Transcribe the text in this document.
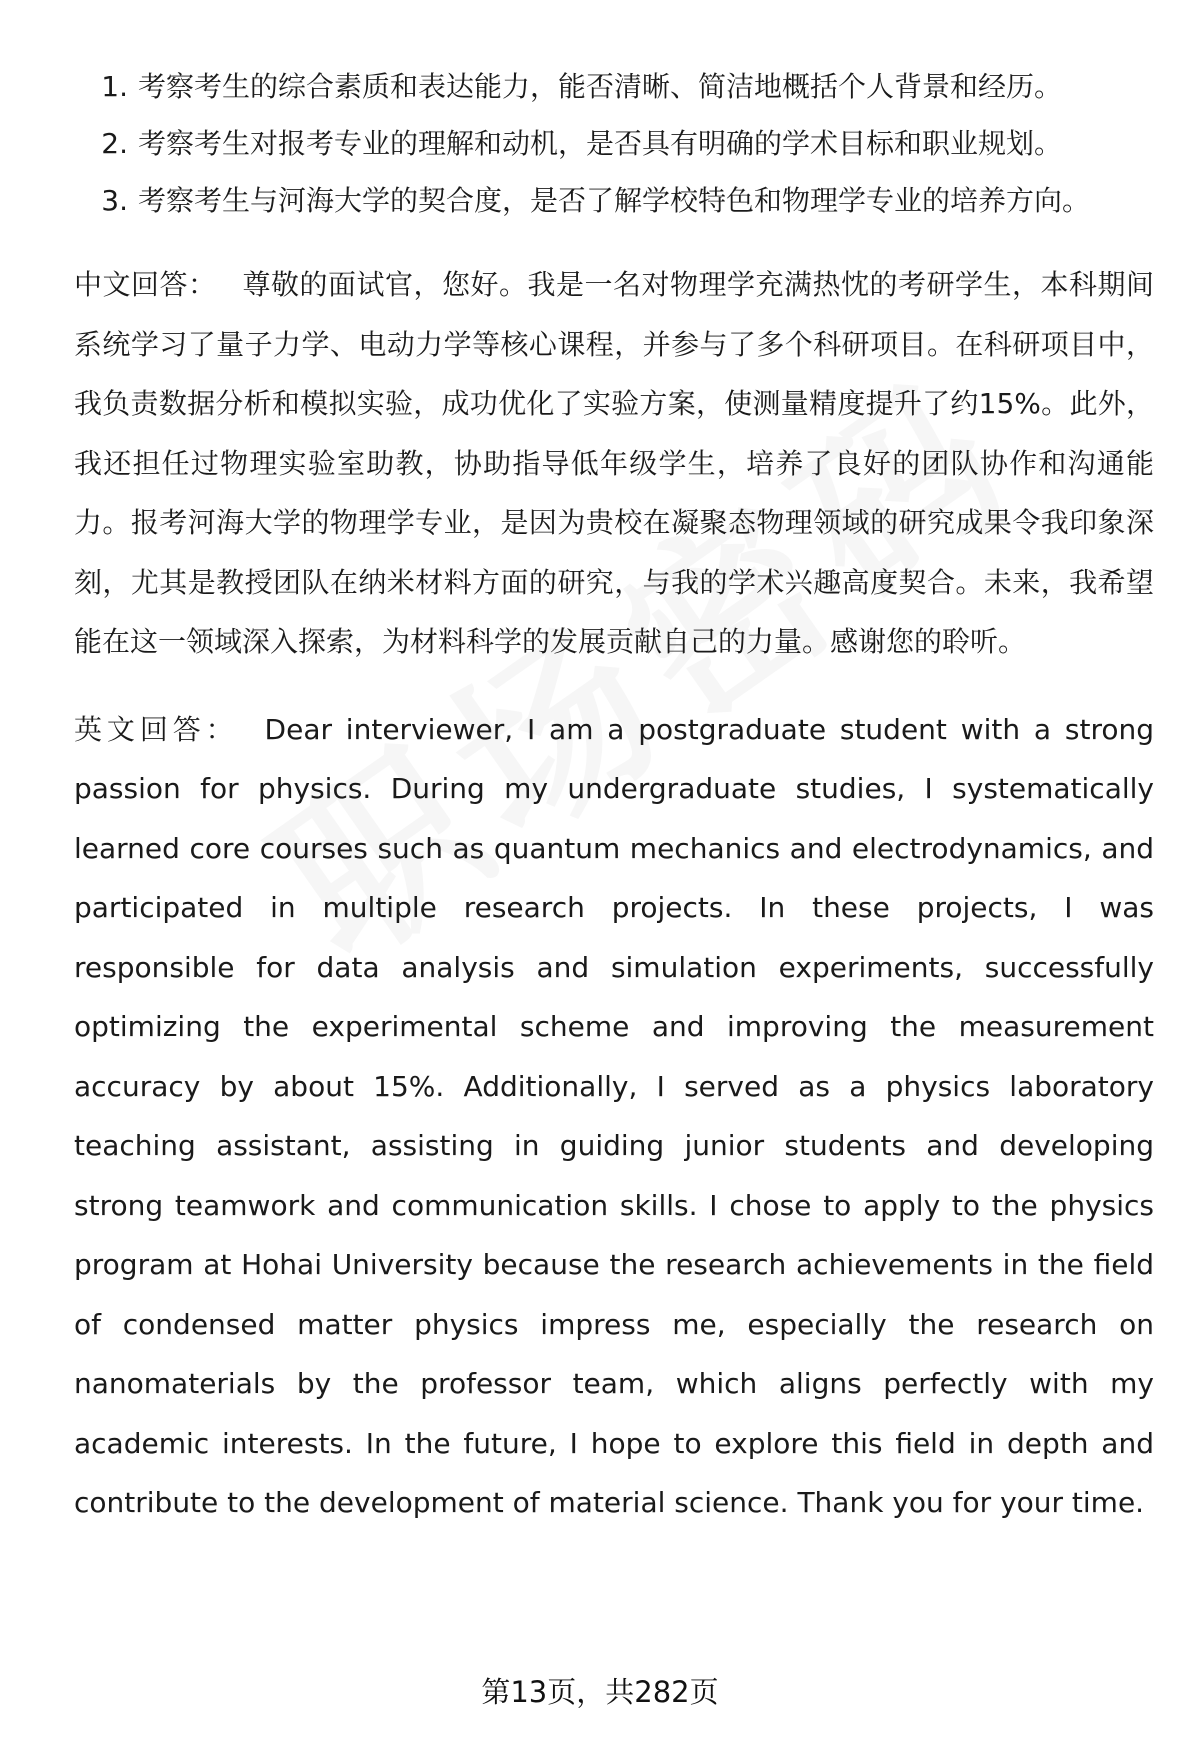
1. 考察考生的综合素质和表达能力，能否清晰、简洁地概括个人背景和经历。
2. 考察考生对报考专业的理解和动机，是否具有明确的学术目标和职业规划。
3. 考察考生与河海大学的契合度，是否了解学校特色和物理学专业的培养方向。

中文回答： 尊敬的面试官，您好。我是一名对物理学充满热忱的考研学生，本科期间系统学习了量子力学、电动力学等核心课程，并参与了多个科研项目。在科研项目中，我负责数据分析和模拟实验，成功优化了实验方案，使测量精度提升了约15%。此外，我还担任过物理实验室助教，协助指导低年级学生，培养了良好的团队协作和沟通能力。报考河海大学的物理学专业，是因为贵校在凝聚态物理领域的研究成果令我印象深刻，尤其是教授团队在纳米材料方面的研究，与我的学术兴趣高度契合。未来，我希望能在这一领域深入探索，为材料科学的发展贡献自己的力量。感谢您的聆听。

英文回答： Dear interviewer, I am a postgraduate student with a strong passion for physics. During my undergraduate studies, I systematically learned core courses such as quantum mechanics and electrodynamics, and participated in multiple research projects. In these projects, I was responsible for data analysis and simulation experiments, successfully optimizing the experimental scheme and improving the measurement accuracy by about 15%. Additionally, I served as a physics laboratory teaching assistant, assisting in guiding junior students and developing strong teamwork and communication skills. I chose to apply to the physics program at Hohai University because the research achievements in the field of condensed matter physics impress me, especially the research on nanomaterials by the professor team, which aligns perfectly with my academic interests. In the future, I hope to explore this field in depth and contribute to the development of material science. Thank you for your time.

第13页，共282页
